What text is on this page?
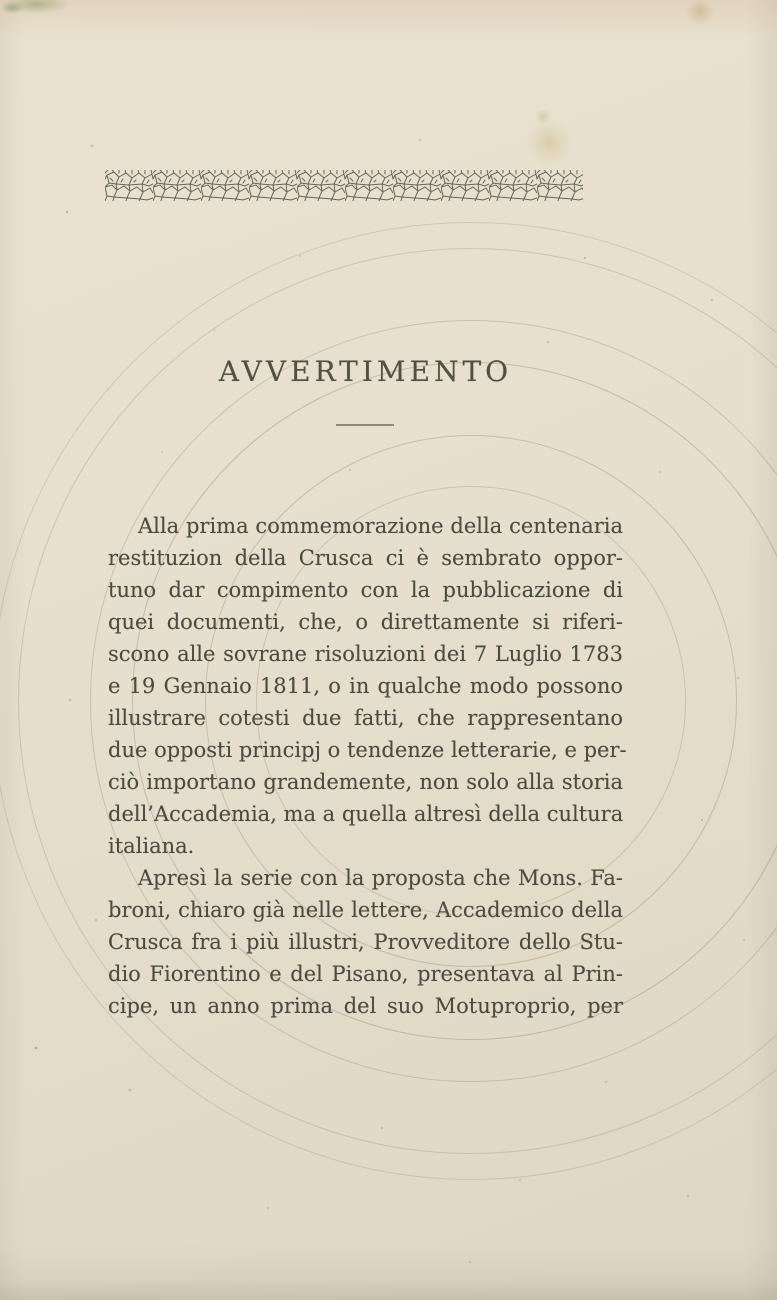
AVVERTIMENTO
Alla prima commemorazione della centenaria
restituzion della Crusca ci è sembrato oppor-
tuno dar compimento con la pubblicazione di
quei documenti, che, o direttamente si riferi-
scono alle sovrane risoluzioni dei 7 Luglio 1783
e 19 Gennaio 1811, o in qualche modo possono
illustrare cotesti due fatti, che rappresentano
due opposti principj o tendenze letterarie, e per-
ciò importano grandemente, non solo alla storia
dell’Accademia, ma a quella altresì della cultura
italiana.
Apresì la serie con la proposta che Mons. Fa-
broni, chiaro già nelle lettere, Accademico della
Crusca fra i più illustri, Provveditore dello Stu-
dio Fiorentino e del Pisano, presentava al Prin-
cipe, un anno prima del suo Motuproprio, per
